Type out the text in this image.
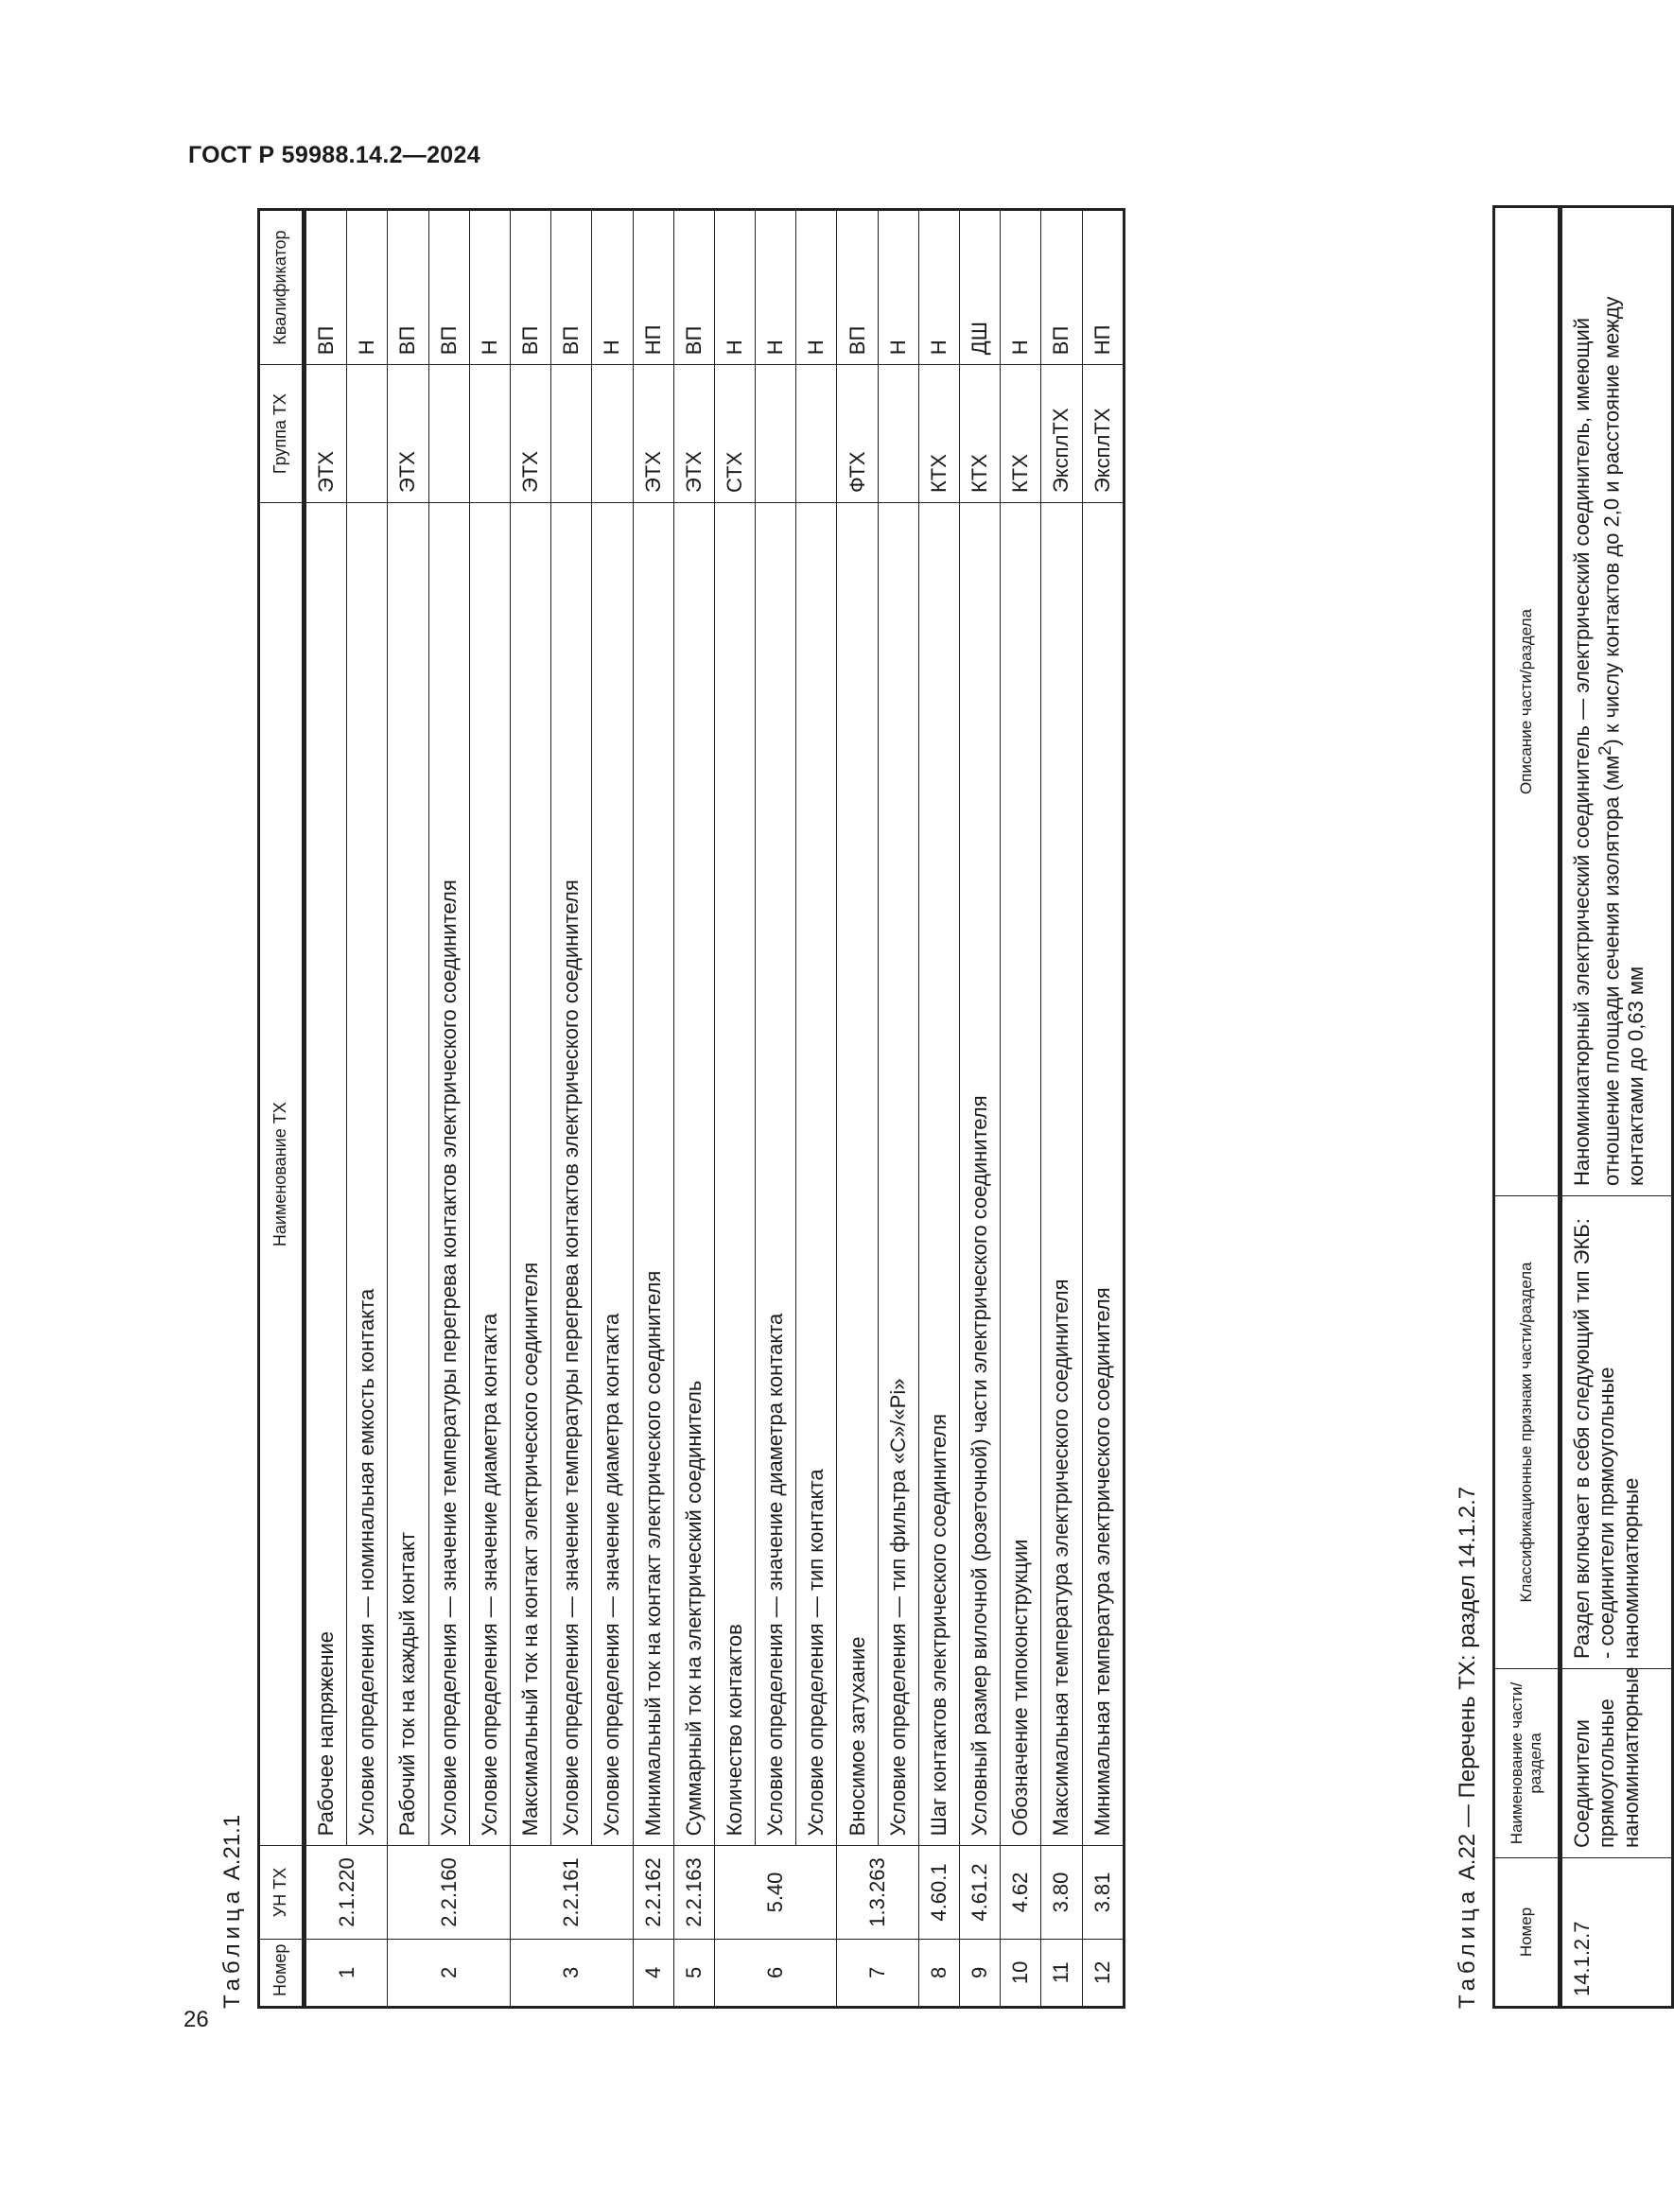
ГОСТ Р 59988.14.2—2024
26
Таблица А.21.1
Номер	УН ТХ	Наименование ТХ	Группа ТХ	Квалификатор
1	2.1.220	Рабочее напряжение	ЭТХ	ВП
		Условие определения — номинальная емкость контакта		Н
2	2.2.160	Рабочий ток на каждый контакт	ЭТХ	ВП
		Условие определения — значение температуры перегрева контактов электрического соединителя		ВП
		Условие определения — значение диаметра контакта		Н
3	2.2.161	Максимальный ток на контакт электрического соединителя	ЭТХ	ВП
		Условие определения — значение температуры перегрева контактов электрического соединителя		ВП
		Условие определения — значение диаметра контакта		Н
4	2.2.162	Минимальный ток на контакт электрического соединителя	ЭТХ	НП
5	2.2.163	Суммарный ток на электрический соединитель	ЭТХ	ВП
6	5.40	Количество контактов	СТХ	Н
		Условие определения — значение диаметра контакта		Н
		Условие определения — тип контакта		Н
7	1.3.263	Вносимое затухание	ФТХ	ВП
		Условие определения — тип фильтра «С»/«Pi»		Н
8	4.60.1	Шаг контактов электрического соединителя	КТХ	Н
9	4.61.2	Условный размер вилочной (розеточной) части электрического соединителя	КТХ	ДШ
10	4.62	Обозначение типоконструкции	КТХ	Н
11	3.80	Максимальная температура электрического соединителя	ЭксплТХ	ВП
12	3.81	Минимальная температура электрического соединителя	ЭксплТХ	НП
Таблица А.22 — Перечень ТХ: раздел 14.1.2.7
Номер	Наименование части/раздела	Классификационные признаки части/раздела	Описание части/раздела
14.1.2.7	Соединители прямоугольные наноминиатюрные	Раздел включает в себя следующий тип ЭКБ: - соединители прямоугольные наноминиатюрные	Наноминиатюрный электрический соединитель — электрический соединитель, имеющий отношение площади сечения изолятора $(мм^2)$ к числу контактов до 2,0 и расстояние между контактами до 0,63 мм
